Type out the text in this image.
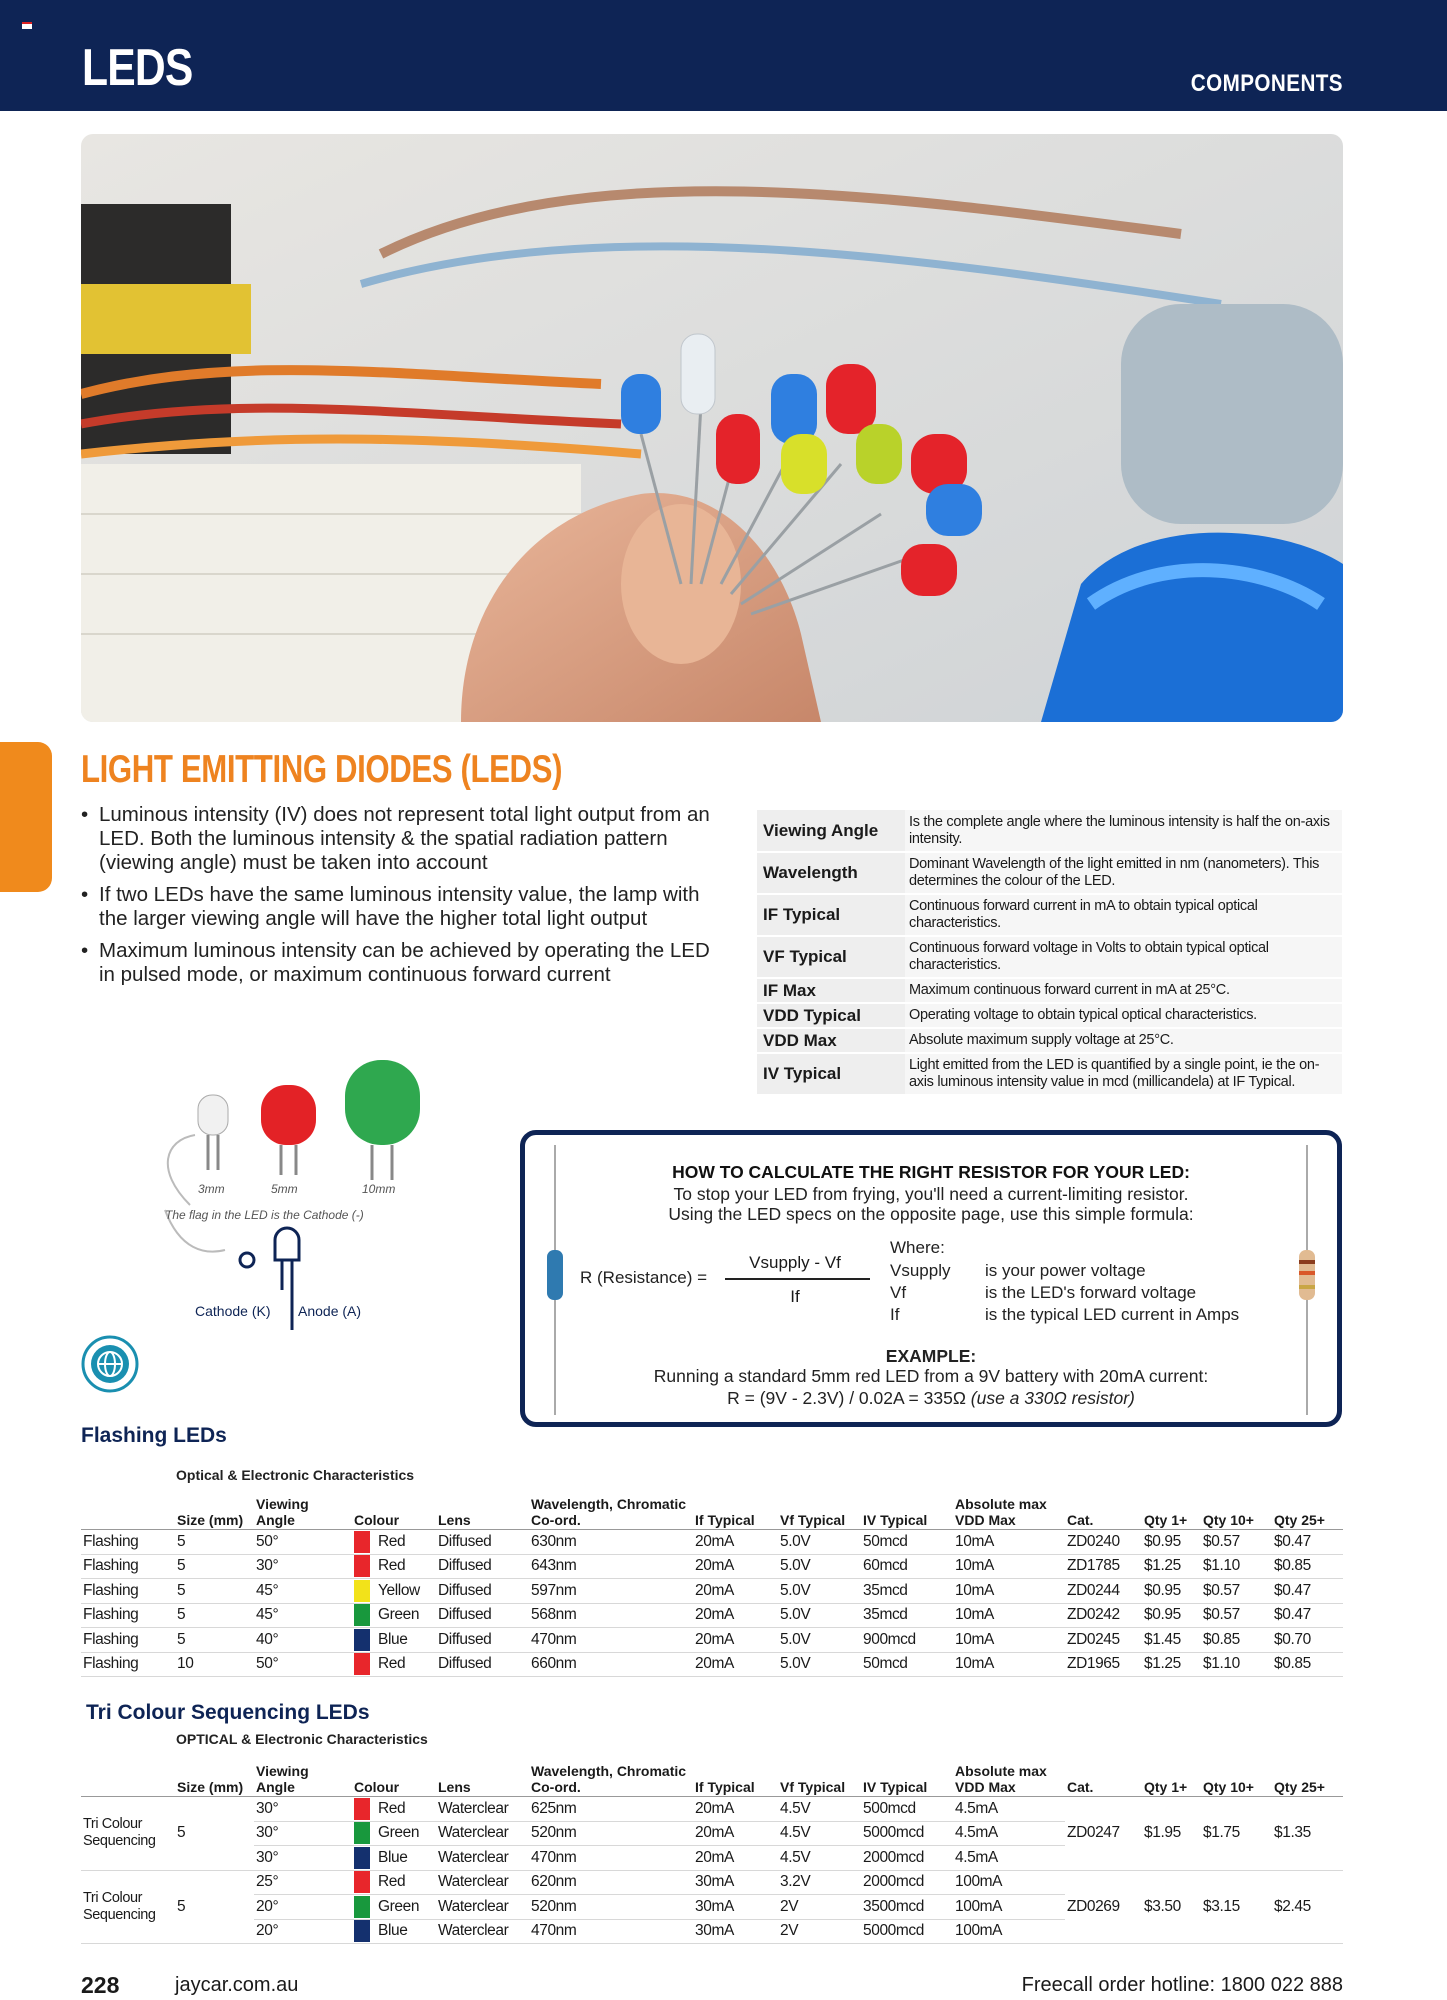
LEDS	COMPONENTS
LIGHT EMITTING DIODES (LEDS)
• Luminous intensity (IV) does not represent total light output from an LED. Both the luminous intensity & the spatial radiation pattern (viewing angle) must be taken into account
• If two LEDs have the same luminous intensity value, the lamp with the larger viewing angle will have the higher total light output
• Maximum luminous intensity can be achieved by operating the LED in pulsed mode, or maximum continuous forward current
Viewing Angle	Is the complete angle where the luminous intensity is half the on-axis intensity.
Wavelength	Dominant Wavelength of the light emitted in nm (nanometers). This determines the colour of the LED.
IF Typical	Continuous forward current in mA to obtain typical optical characteristics.
VF Typical	Continuous forward voltage in Volts to obtain typical optical characteristics.
IF Max	Maximum continuous forward current in mA at 25°C.
VDD Typical	Operating voltage to obtain typical optical characteristics.
VDD Max	Absolute maximum supply voltage at 25°C.
IV Typical	Light emitted from the LED is quantified by a single point, ie the on-axis luminous intensity value in mcd (millicandela) at IF Typical.
3mm	5mm	10mm
The flag in the LED is the Cathode (-)
Cathode (K) Anode (A)
HOW TO CALCULATE THE RIGHT RESISTOR FOR YOUR LED:
To stop your LED from frying, you'll need a current-limiting resistor.
Using the LED specs on the opposite page, use this simple formula:
R (Resistance) =
Vsupply - Vf
If
Where:
Vsupply is your power voltage
Vf	is the LED's forward voltage
If	is the typical LED current in Amps
EXAMPLE:
Running a standard 5mm red LED from a 9V battery with 20mA current:
R = (9V - 2.3V) / 0.02A = 335Ω (use a 330Ω resistor)
Flashing LEDs
Optical & Electronic Characteristics
	Size (mm)	Viewing Angle	Colour	Lens	Wavelength, Chromatic Co-ord.	If Typical	Vf Typical	IV Typical	Absolute max VDD Max	Cat.	Qty 1+	Qty 10+	Qty 25+
Flashing	5	50°	Red	Diffused	630nm	20mA	5.0V	50mcd	10mA	ZD0240	$0.95	$0.57	$0.47
Flashing	5	30°	Red	Diffused	643nm	20mA	5.0V	60mcd	10mA	ZD1785	$1.25	$1.10	$0.85
Flashing	5	45°	Yellow	Diffused	597nm	20mA	5.0V	35mcd	10mA	ZD0244	$0.95	$0.57	$0.47
Flashing	5	45°	Green	Diffused	568nm	20mA	5.0V	35mcd	10mA	ZD0242	$0.95	$0.57	$0.47
Flashing	5	40°	Blue	Diffused	470nm	20mA	5.0V	900mcd	10mA	ZD0245	$1.45	$0.85	$0.70
Flashing	10	50°	Red	Diffused	660nm	20mA	5.0V	50mcd	10mA	ZD1965	$1.25	$1.10	$0.85
Tri Colour Sequencing LEDs
OPTICAL & Electronic Characteristics
	Size (mm)	Viewing Angle	Colour	Lens	Wavelength, Chromatic Co-ord.	If Typical	Vf Typical	IV Typical	Absolute max VDD Max	Cat.	Qty 1+	Qty 10+	Qty 25+
Tri Colour Sequencing	5	30°	Red	Waterclear	625nm	20mA	4.5V	500mcd	4.5mA	ZD0247	$1.95	$1.75	$1.35
		30°	Green	Waterclear	520nm	20mA	4.5V	5000mcd	4.5mA				
		30°	Blue	Waterclear	470nm	20mA	4.5V	2000mcd	4.5mA				
Tri Colour Sequencing	5	25°	Red	Waterclear	620nm	30mA	3.2V	2000mcd	100mA	ZD0269	$3.50	$3.15	$2.45
		20°	Green	Waterclear	520nm	30mA	2V	3500mcd	100mA				
		20°	Blue	Waterclear	470nm	30mA	2V	5000mcd	100mA				
228	jaycar.com.au	Freecall order hotline: 1800 022 888
